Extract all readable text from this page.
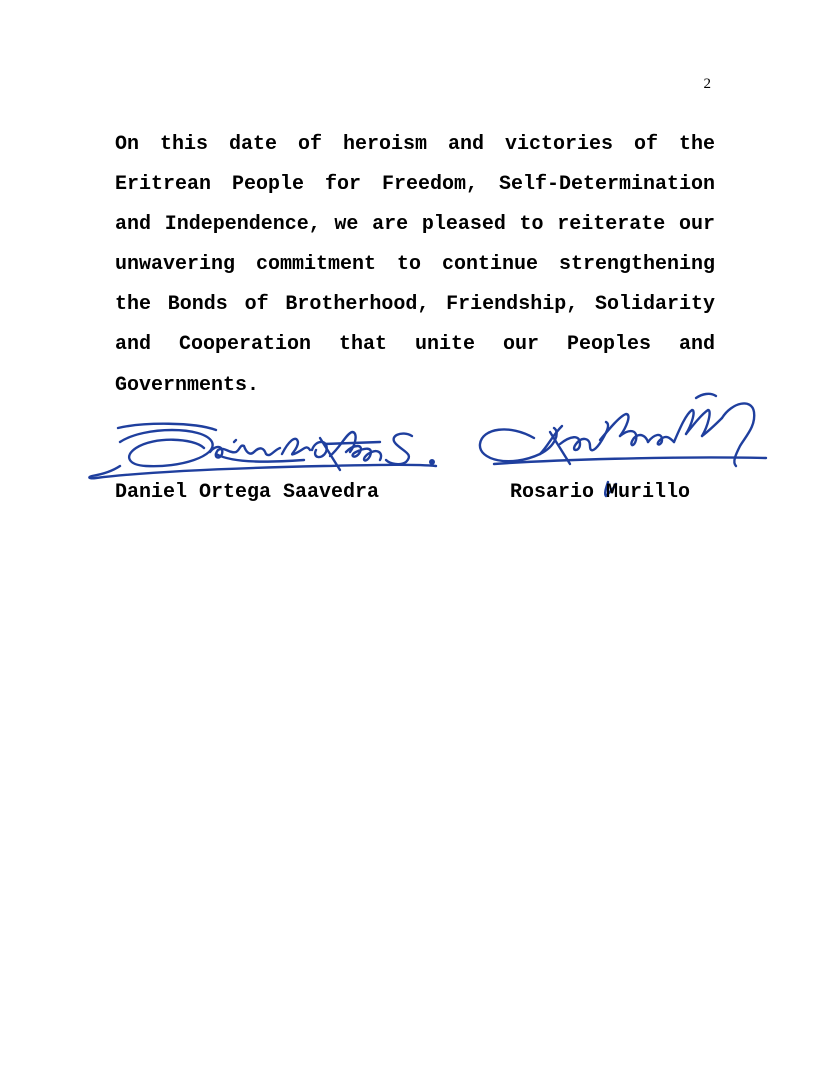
2

On this date of heroism and victories of the Eritrean People for Freedom, Self-Determination and Independence, we are pleased to reiterate our unwavering commitment to continue strengthening the Bonds of Brotherhood, Friendship, Solidarity and Cooperation that unite our Peoples and Governments.

Daniel Ortega Saavedra	Rosario Murillo
